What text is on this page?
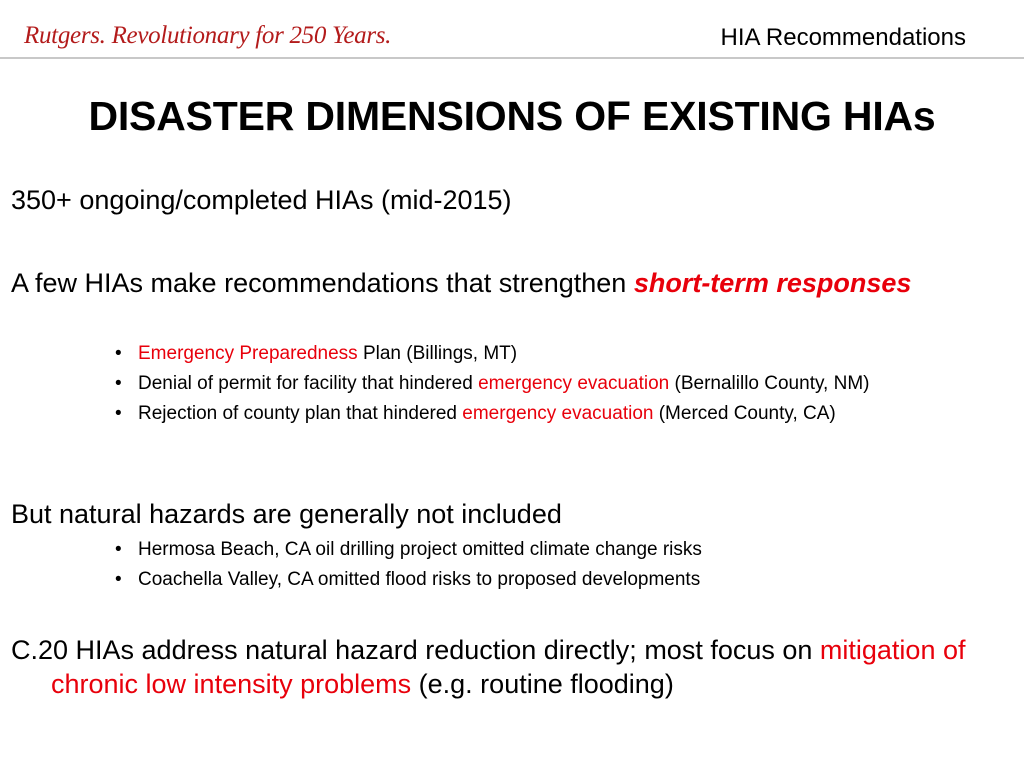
Rutgers. Revolutionary for 250 Years.	HIA Recommendations
DISASTER DIMENSIONS OF EXISTING HIAs

350+ ongoing/completed HIAs (mid-2015)

A few HIAs make recommendations that strengthen short-term responses

• Emergency Preparedness Plan (Billings, MT)
• Denial of permit for facility that hindered emergency evacuation (Bernalillo County, NM)
• Rejection of county plan that hindered emergency evacuation (Merced County, CA)

But natural hazards are generally not included

• Hermosa Beach, CA oil drilling project omitted climate change risks
• Coachella Valley, CA omitted flood risks to proposed developments

C.20 HIAs address natural hazard reduction directly; most focus on mitigation of chronic low intensity problems (e.g. routine flooding)
